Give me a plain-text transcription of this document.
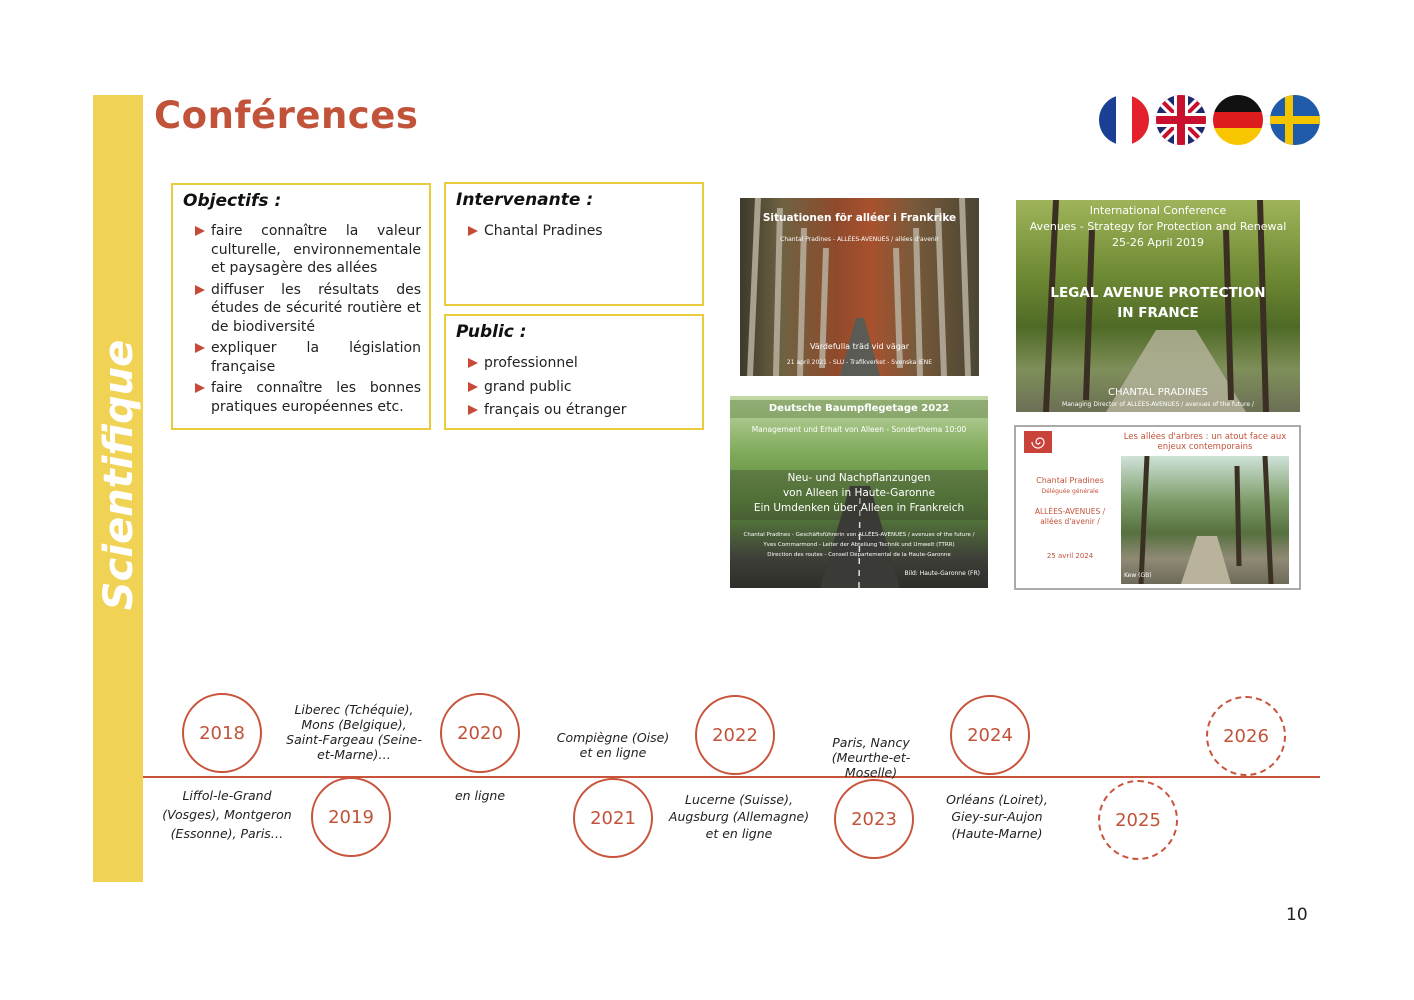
Scientifique
Conférences
Objectifs :
faire connaître la valeur culturelle, environnementale et paysagère des allées
diffuser les résultats des études de sécurité routière et de biodiversité
expliquer la législation française
faire connaître les bonnes pratiques européennes etc.
Intervenante :
Chantal Pradines
Public :
professionnel
grand public
français ou étranger
Situationen för alléer i Frankrike
Chantal Pradines - ALLÉES-AVENUES / allées d'avenir
Värdefulla träd vid vägar
21 april 2021 - SLU - Trafikverket - Svenska IENE
International Conference
Avenues - Strategy for Protection and Renewal
25-26 April 2019
LEGAL AVENUE PROTECTION IN FRANCE
CHANTAL PRADINES
Managing Director of ALLÉES-AVENUES / avenues of the future /
Deutsche Baumpflegetage 2022
Management und Erhalt von Alleen - Sonderthema 10:00
Neu- und Nachpflanzungen
von Alleen in Haute-Garonne
Ein Umdenken über Alleen in Frankreich
Chantal Pradines - Geschäftsführerin von ALLÉES-AVENUES / avenues of the future /
Yves Commarmond - Leiter der Abteilung Technik und Umwelt (TTRR)
Direction des routes - Conseil Départemental de la Haute-Garonne
Bild: Haute-Garonne (FR)
Les allées d'arbres : un atout face aux enjeux contemporains
Chantal Pradines
Déléguée générale
ALLÉES-AVENUES / allées d'avenir /
25 avril 2024
Kew (GB)
2018
2019
2020
2021
2022
2023
2024
2025
2026
Liffol-le-Grand (Vosges), Montgeron (Essonne), Paris…
Liberec (Tchéquie), Mons (Belgique), Saint-Fargeau (Seine-et-Marne)…
en ligne
Compiègne (Oise) et en ligne
Lucerne (Suisse), Augsburg (Allemagne) et en ligne
Paris, Nancy (Meurthe-et-Moselle)
Orléans (Loiret), Giey-sur-Aujon (Haute-Marne)
10
